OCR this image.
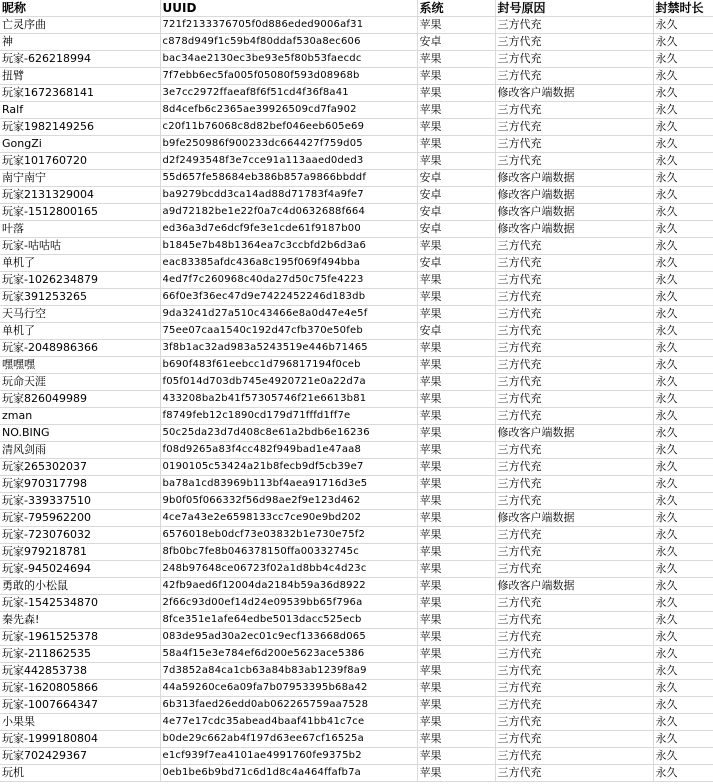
昵称	UUID	系统	封号原因	封禁时长
亡灵序曲	721f2133376705f0d886eded9006af31	苹果	三方代充	永久
神	c878d949f1c59b4f80ddaf530a8ec606	安卓	三方代充	永久
玩家-626218994	bac34ae2130ec3be93e5f80b53faecdc	苹果	三方代充	永久
扭臂	7f7ebb6ec5fa005f05080f593d08968b	苹果	三方代充	永久
玩家1672368141	3e7cc2972ffaeaf8f6f51cd4f36f8a41	苹果	修改客户端数据	永久
Ralf	8d4cefb6c2365ae39926509cd7fa902	苹果	三方代充	永久
玩家1982149256	c20f11b76068c8d82bef046eeb605e69	苹果	三方代充	永久
GongZi	b9fe250986f900233dc664427f759d05	苹果	三方代充	永久
玩家101760720	d2f2493548f3e7cce91a113aaed0ded3	苹果	三方代充	永久
南宁南宁	55d657fe58684eb386b857a9866bbddf	安卓	修改客户端数据	永久
玩家2131329004	ba9279bcdd3ca14ad88d71783f4a9fe7	安卓	修改客户端数据	永久
玩家-1512800165	a9d72182be1e22f0a7c4d0632688f664	安卓	修改客户端数据	永久
叶落	ed36a3d7e6dcf9fe3e1cde61f9187b00	安卓	修改客户端数据	永久
玩家-咕咕咕	b1845e7b48b1364ea7c3ccbfd2b6d3a6	苹果	三方代充	永久
单机了	eac83385afdc436a8c195f069f494bba	安卓	三方代充	永久
玩家-1026234879	4ed7f7c260968c40da27d50c75fe4223	苹果	三方代充	永久
玩家391253265	66f0e3f36ec47d9e7422452246d183db	苹果	三方代充	永久
天马行空	9da3241d27a510c43466e8a0d47e4e5f	苹果	三方代充	永久
单机了	75ee07caa1540c192d47cfb370e50feb	安卓	三方代充	永久
玩家-2048986366	3f8b1ac32ad983a5243519e446b71465	苹果	三方代充	永久
嘿嘿嘿	b690f483f61eebcc1d796817194f0ceb	苹果	三方代充	永久
玩命天涯	f05f014d703db745e4920721e0a22d7a	苹果	三方代充	永久
玩家826049989	433208ba2b41f57305746f21e6613b81	苹果	三方代充	永久
zman	f8749feb12c1890cd179d71fffd1ff7e	苹果	三方代充	永久
NO.BING	50c25da23d7d408c8e61a2bdb6e16236	苹果	修改客户端数据	永久
清风剑雨	f08d9265a83f4cc482f949bad1e47aa8	苹果	三方代充	永久
玩家265302037	0190105c53424a21b8fecb9df5cb39e7	苹果	三方代充	永久
玩家970317798	ba78a1cd83969b113bf4aea91716d3e5	苹果	三方代充	永久
玩家-339337510	9b0f05f066332f56d98ae2f9e123d462	苹果	三方代充	永久
玩家-795962200	4ce7a43e2e6598133cc7ce90e9bd202	苹果	修改客户端数据	永久
玩家-723076032	6576018eb0dcf73e03832b1e730e75f2	苹果	三方代充	永久
玩家979218781	8fb0bc7fe8b046378150ffa00332745c	苹果	三方代充	永久
玩家-945024694	248b97648ce06723f02a1d8bb4c4d23c	苹果	三方代充	永久
勇敢的小松鼠	42fb9aed6f12004da2184b59a36d8922	苹果	修改客户端数据	永久
玩家-1542534870	2f66c93d00ef14d24e09539bb65f796a	苹果	三方代充	永久
秦先森!	8fce351e1afe64edbe5013dacc525ecb	苹果	三方代充	永久
玩家-1961525378	083de95ad30a2ec01c9ecf133668d065	苹果	三方代充	永久
玩家-211862535	58a4f15e3e784ef6d200e5623ace5386	苹果	三方代充	永久
玩家442853738	7d3852a84ca1cb63a84b83ab1239f8a9	苹果	三方代充	永久
玩家-1620805866	44a59260ce6a09fa7b07953395b68a42	苹果	三方代充	永久
玩家-1007664347	6b313faed26edd0ab062265759aa7528	苹果	三方代充	永久
小果果	4e77e17cdc35abead4baaf41bb41c7ce	苹果	三方代充	永久
玩家-1999180804	b0de29c662ab4f197d63ee67cf16525a	苹果	三方代充	永久
玩家702429367	e1cf939f7ea4101ae4991760fe9375b2	苹果	三方代充	永久
玩机	0eb1be6b9bd71c6d1d8c4a464ffafb7a	苹果	三方代充	永久
